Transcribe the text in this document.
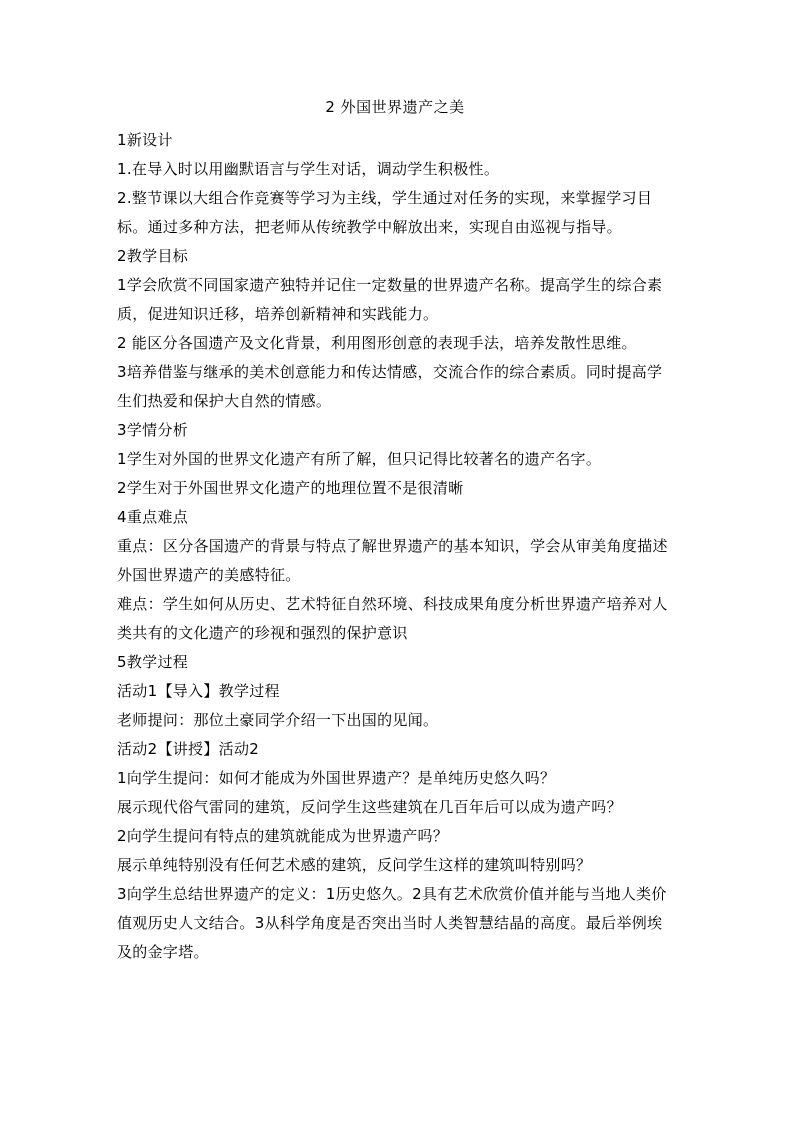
2 外国世界遗产之美

1新设计

1.在导入时以用幽默语言与学生对话，调动学生积极性。

2.整节课以大组合作竞赛等学习为主线，学生通过对任务的实现，来掌握学习目标。通过多种方法，把老师从传统教学中解放出来，实现自由巡视与指导。

2教学目标

1学会欣赏不同国家遗产独特并记住一定数量的世界遗产名称。提高学生的综合素质，促进知识迁移，培养创新精神和实践能力。

2 能区分各国遗产及文化背景，利用图形创意的表现手法，培养发散性思维。

3培养借鉴与继承的美术创意能力和传达情感，交流合作的综合素质。同时提高学生们热爱和保护大自然的情感。

3学情分析

1学生对外国的世界文化遗产有所了解，但只记得比较著名的遗产名字。

2学生对于外国世界文化遗产的地理位置不是很清晰

4重点难点

重点：区分各国遗产的背景与特点了解世界遗产的基本知识，学会从审美角度描述外国世界遗产的美感特征。

难点：学生如何从历史、艺术特征自然环境、科技成果角度分析世界遗产培养对人类共有的文化遗产的珍视和强烈的保护意识

5教学过程

活动1【导入】教学过程

老师提问：那位土豪同学介绍一下出国的见闻。

活动2【讲授】活动2

1向学生提问：如何才能成为外国世界遗产？是单纯历史悠久吗？

展示现代俗气雷同的建筑，反问学生这些建筑在几百年后可以成为遗产吗？

2向学生提问有特点的建筑就能成为世界遗产吗？

展示单纯特别没有任何艺术感的建筑，反问学生这样的建筑叫特别吗？

3向学生总结世界遗产的定义：1历史悠久。2具有艺术欣赏价值并能与当地人类价值观历史人文结合。3从科学角度是否突出当时人类智慧结晶的高度。最后举例埃及的金字塔。
